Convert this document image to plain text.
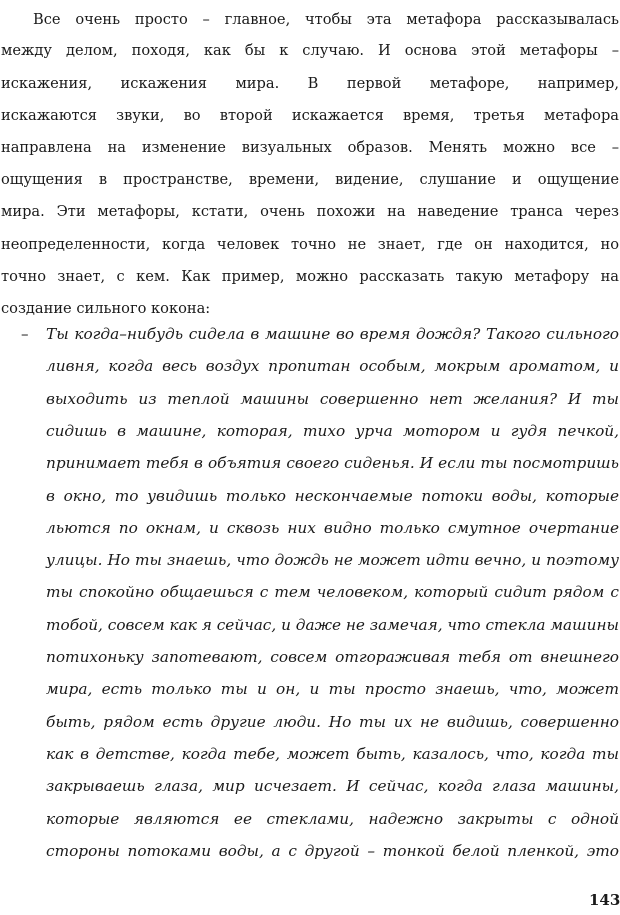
Все очень просто – главное, чтобы эта метафора рассказывалась
между делом, походя, как бы к случаю. И основа этой метафоры –
искажения,    искажения    мира.    В    первой    метафоре,    например,
искажаются  звуки,  во  второй  искажается  время,  третья  метафора
направлена на изменение визуальных образов. Менять можно все –
ощущения в пространстве, времени, видение, слушание и ощущение
мира. Эти метафоры, кстати, очень похожи на наведение транса через
неопределенности, когда человек точно не знает, где он находится, но
точно знает, с кем. Как пример, можно рассказать такую метафору на
создание сильного кокона:
– Ты когда–нибудь сидела в машине во время дождя? Такого сильного
ливня, когда весь воздух пропитан особым, мокрым ароматом, и
выходить из теплой машины совершенно нет желания? И ты
сидишь в машине, которая, тихо урча мотором и гудя печкой,
принимает тебя в объятия своего сиденья. И если ты посмотришь
в окно, то увидишь только нескончаемые потоки воды, которые
льются по окнам, и сквозь них видно только смутное очертание
улицы. Но ты знаешь, что дождь не может идти вечно, и поэтому
ты спокойно общаешься с тем человеком, который сидит рядом с
тобой, совсем как я сейчас, и даже не замечая, что стекла машины
потихоньку запотевают, совсем отгораживая тебя от внешнего
мира, есть только ты и он, и ты просто знаешь, что, может
быть, рядом есть другие люди. Но ты их не видишь, совершенно
как в детстве, когда тебе, может быть, казалось, что, когда ты
закрываешь глаза, мир исчезает. И сейчас, когда глаза машины,
которые являются ее стеклами, надежно закрыты с одной
стороны потоками воды, а с другой – тонкой белой пленкой, это
143
